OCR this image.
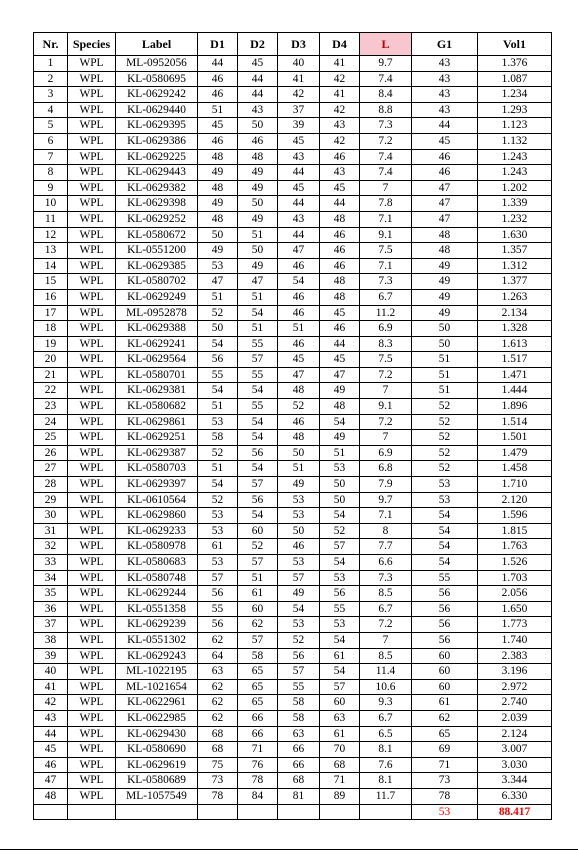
Nr.	Species	Label	D1	D2	D3	D4	L	G1	Vol1
1	WPL	ML-0952056	44	45	40	41	9.7	43	1.376
2	WPL	KL-0580695	46	44	41	42	7.4	43	1.087
3	WPL	KL-0629242	46	44	42	41	8.4	43	1.234
4	WPL	KL-0629440	51	43	37	42	8.8	43	1.293
5	WPL	KL-0629395	45	50	39	43	7.3	44	1.123
6	WPL	KL-0629386	46	46	45	42	7.2	45	1.132
7	WPL	KL-0629225	48	48	43	46	7.4	46	1.243
8	WPL	KL-0629443	49	49	44	43	7.4	46	1.243
9	WPL	KL-0629382	48	49	45	45	7	47	1.202
10	WPL	KL-0629398	49	50	44	44	7.8	47	1.339
11	WPL	KL-0629252	48	49	43	48	7.1	47	1.232
12	WPL	KL-0580672	50	51	44	46	9.1	48	1.630
13	WPL	KL-0551200	49	50	47	46	7.5	48	1.357
14	WPL	KL-0629385	53	49	46	46	7.1	49	1.312
15	WPL	KL-0580702	47	47	54	48	7.3	49	1.377
16	WPL	KL-0629249	51	51	46	48	6.7	49	1.263
17	WPL	ML-0952878	52	54	46	45	11.2	49	2.134
18	WPL	KL-0629388	50	51	51	46	6.9	50	1.328
19	WPL	KL-0629241	54	55	46	44	8.3	50	1.613
20	WPL	KL-0629564	56	57	45	45	7.5	51	1.517
21	WPL	KL-0580701	55	55	47	47	7.2	51	1.471
22	WPL	KL-0629381	54	54	48	49	7	51	1.444
23	WPL	KL-0580682	51	55	52	48	9.1	52	1.896
24	WPL	KL-0629861	53	54	46	54	7.2	52	1.514
25	WPL	KL-0629251	58	54	48	49	7	52	1.501
26	WPL	KL-0629387	52	56	50	51	6.9	52	1.479
27	WPL	KL-0580703	51	54	51	53	6.8	52	1.458
28	WPL	KL-0629397	54	57	49	50	7.9	53	1.710
29	WPL	KL-0610564	52	56	53	50	9.7	53	2.120
30	WPL	KL-0629860	53	54	53	54	7.1	54	1.596
31	WPL	KL-0629233	53	60	50	52	8	54	1.815
32	WPL	KL-0580978	61	52	46	57	7.7	54	1.763
33	WPL	KL-0580683	53	57	53	54	6.6	54	1.526
34	WPL	KL-0580748	57	51	57	53	7.3	55	1.703
35	WPL	KL-0629244	56	61	49	56	8.5	56	2.056
36	WPL	KL-0551358	55	60	54	55	6.7	56	1.650
37	WPL	KL-0629239	56	62	53	53	7.2	56	1.773
38	WPL	KL-0551302	62	57	52	54	7	56	1.740
39	WPL	KL-0629243	64	58	56	61	8.5	60	2.383
40	WPL	ML-1022195	63	65	57	54	11.4	60	3.196
41	WPL	ML-1021654	62	65	55	57	10.6	60	2.972
42	WPL	KL-0622961	62	65	58	60	9.3	61	2.740
43	WPL	KL-0622985	62	66	58	63	6.7	62	2.039
44	WPL	KL-0629430	68	66	63	61	6.5	65	2.124
45	WPL	KL-0580690	68	71	66	70	8.1	69	3.007
46	WPL	KL-0629619	75	76	66	68	7.6	71	3.030
47	WPL	KL-0580689	73	78	68	71	8.1	73	3.344
48	WPL	ML-1057549	78	84	81	89	11.7	78	6.330
								53	88.417
